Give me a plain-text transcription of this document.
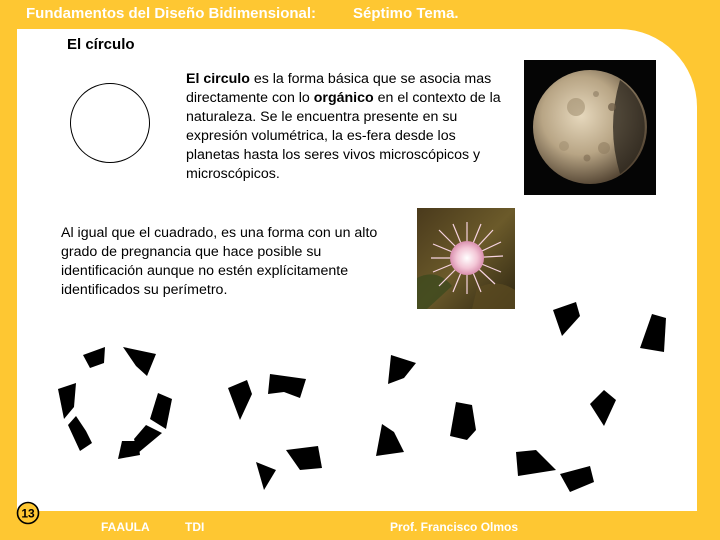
Fundamentos del Diseño Bidimensional: Séptimo Tema.
El círculo
El circulo es la forma básica que se asocia mas directamente con lo orgánico en el contexto de la naturaleza. Se le encuentra presente en su expresión volumétrica, la es-fera desde los planetas hasta los seres vivos microscópicos y microscópicos.
Al igual que el cuadrado, es una forma con un alto grado de pregnancia que hace posible su identificación aunque no estén explícitamente identificados su perímetro.
13
FAAULA	TDI	Prof. Francisco Olmos
